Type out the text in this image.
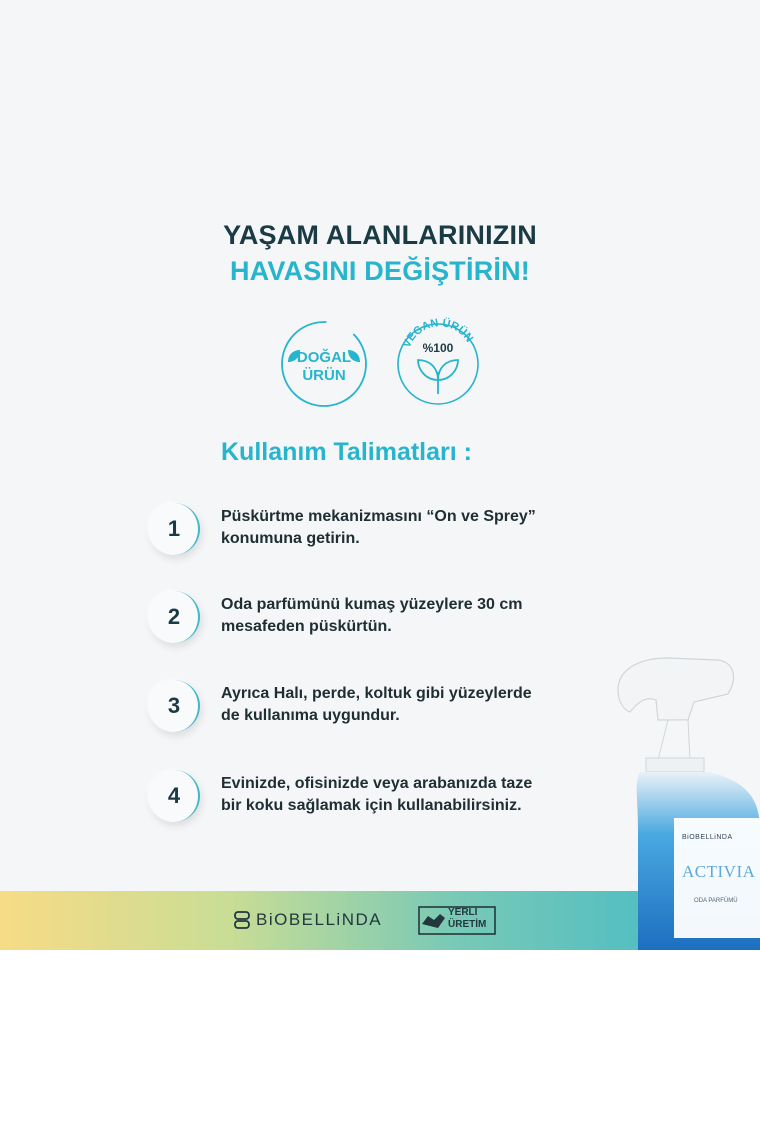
YAŞAM ALANLARINIZIN
HAVASINI DEĞİŞTİRİN!
DOĞAL
ÜRÜN
VEGAN ÜRÜN
%100
Kullanım Talimatları :
1	Püskürtme mekanizmasını “On ve Sprey”
konumuna getirin.
2	Oda parfümünü kumaş yüzeylere 30 cm
mesafeden püskürtün.
3	Ayrıca Halı, perde, koltuk gibi yüzeylerde
de kullanıma uygundur.
4	Evinizde, ofisinizde veya arabanızda taze
bir koku sağlamak için kullanabilirsiniz.
BiOBELLiNDA	YERLİ
ÜRETİM
BiOBELLiNDA
ACTIVIA
ODA PARFÜMÜ
